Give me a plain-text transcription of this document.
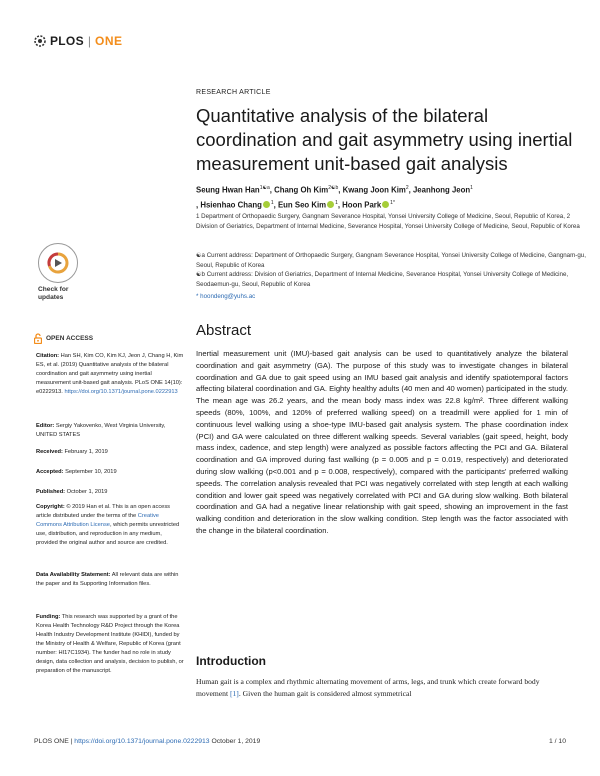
PLOS | ONE
RESEARCH ARTICLE
Quantitative analysis of the bilateral coordination and gait asymmetry using inertial measurement unit-based gait analysis
Seung Hwan Han$^{1☯a}$, Chang Oh Kim$^{2☯b}$, Kwang Joon Kim$^2$, Jeanhong Jeon$^1$
, Hsienhao Chang $^1$, Eun Seo Kim $^1$, Hoon Park $^{1*}$
1 Department of Orthopaedic Surgery, Gangnam Severance Hospital, Yonsei University College of Medicine, Seoul, Republic of Korea, 2 Division of Geriatrics, Department of Internal Medicine, Severance Hospital, Yonsei University College of Medicine, Seoul, Republic of Korea
☯a Current address: Department of Orthopaedic Surgery, Gangnam Severance Hospital, Yonsei University College of Medicine, Gangnam-gu, Seoul, Republic of Korea
☯b Current address: Division of Geriatrics, Department of Internal Medicine, Severance Hospital, Yonsei University College of Medicine, Seodaemun-gu, Seoul, Republic of Korea
* hoondeng@yuhs.ac
Abstract
Inertial measurement unit (IMU)-based gait analysis can be used to quantitatively analyze the bilateral coordination and gait asymmetry (GA). The purpose of this study was to investigate changes in bilateral coordination and GA due to gait speed using an IMU based gait analysis and identify spatiotemporal factors affecting bilateral coordination and GA. Eighty healthy adults (40 men and 40 women) participated in the study. The mean age was 26.2 years, and the mean body mass index was 22.8 kg/m². Three different walking speeds (80%, 100%, and 120% of preferred walking speed) on a treadmill were applied for 1 min of continuous level walking using a shoe-type IMU-based gait analysis system. The phase coordination index (PCI) and GA were calculated on three different walking speeds. Several variables (gait speed, height, body mass index, cadence, and step length) were analyzed as possible factors affecting the PCI and GA. Bilateral coordination and GA improved during fast walking (p = 0.005 and p = 0.019, respectively) and deteriorated during slow walking (p<0.001 and p = 0.008, respectively), compared with the participants' preferred walking speeds. The correlation analysis revealed that PCI was negatively correlated with step length at each walking condition and lower gait speed was negatively correlated with PCI and GA during slow walking. Both bilateral coordination and GA had a negative linear relationship with gait speed, showing an improvement in the fast walking condition and deterioration in the slow walking condition. Step length was the factor associated with the change in the bilateral coordination.
Introduction
Human gait is a complex and rhythmic alternating movement of arms, legs, and trunk which create forward body movement [1]. Given the human gait is considered almost symmetrical
Check for
updates
OPEN ACCESS
Citation: Han SH, Kim CO, Kim KJ, Jeon J, Chang H, Kim ES, et al. (2019) Quantitative analysis of the bilateral coordination and gait asymmetry using inertial measurement unit-based gait analysis. PLoS ONE 14(10): e0222913. https://doi.org/10.1371/journal.pone.0222913
Editor: Sergiy Yakovenko, West Virginia University, UNITED STATES
Received: February 1, 2019
Accepted: September 10, 2019
Published: October 1, 2019
Copyright: © 2019 Han et al. This is an open access article distributed under the terms of the Creative Commons Attribution License, which permits unrestricted use, distribution, and reproduction in any medium, provided the original author and source are credited.
Data Availability Statement: All relevant data are within the paper and its Supporting Information files.
Funding: This research was supported by a grant of the Korea Health Technology R&D Project through the Korea Health Industry Development Institute (KHIDI), funded by the Ministry of Health & Welfare, Republic of Korea (grant number: HI17C1934). The funder had no role in study design, data collection and analysis, decision to publish, or preparation of the manuscript.
PLOS ONE | https://doi.org/10.1371/journal.pone.0222913 October 1, 2019	1 / 10
